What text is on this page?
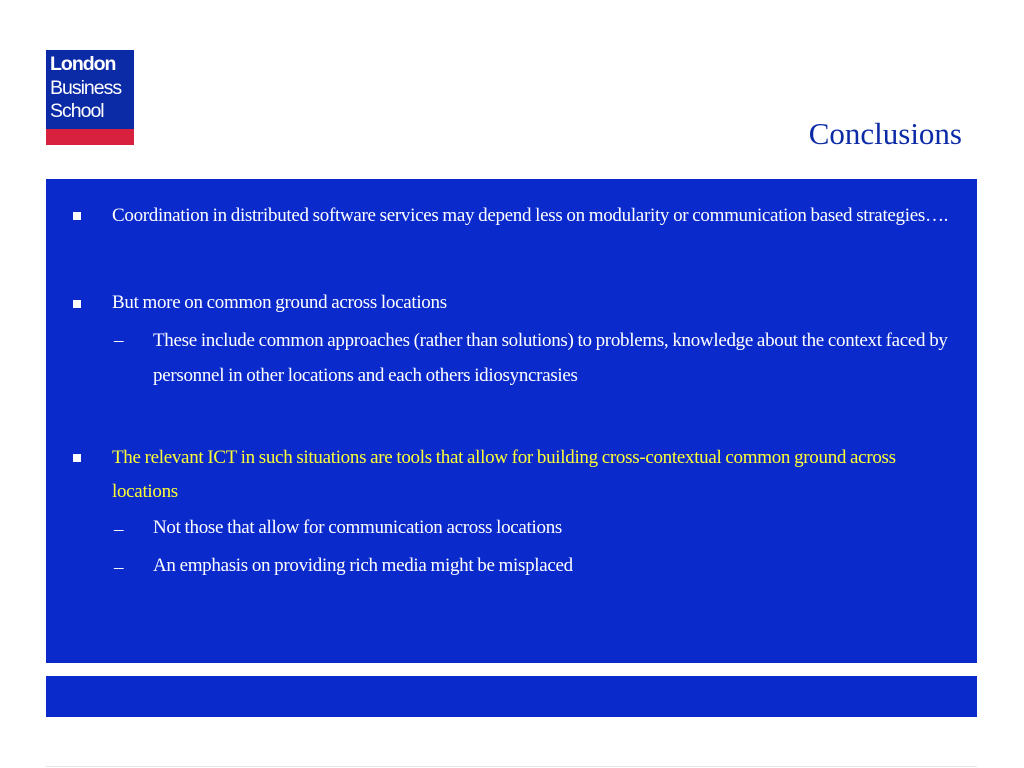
London
Business
School
Conclusions
Coordination in distributed software services may depend less on modularity or communication based strategies….
But more on common ground across locations
–	These include common approaches (rather than solutions) to problems, knowledge about the context faced by personnel in other locations and each others idiosyncrasies
The relevant ICT in such situations are tools that allow for building cross-contextual common ground across locations
–	Not those that allow for communication across locations
–	An emphasis on providing rich media might be misplaced
